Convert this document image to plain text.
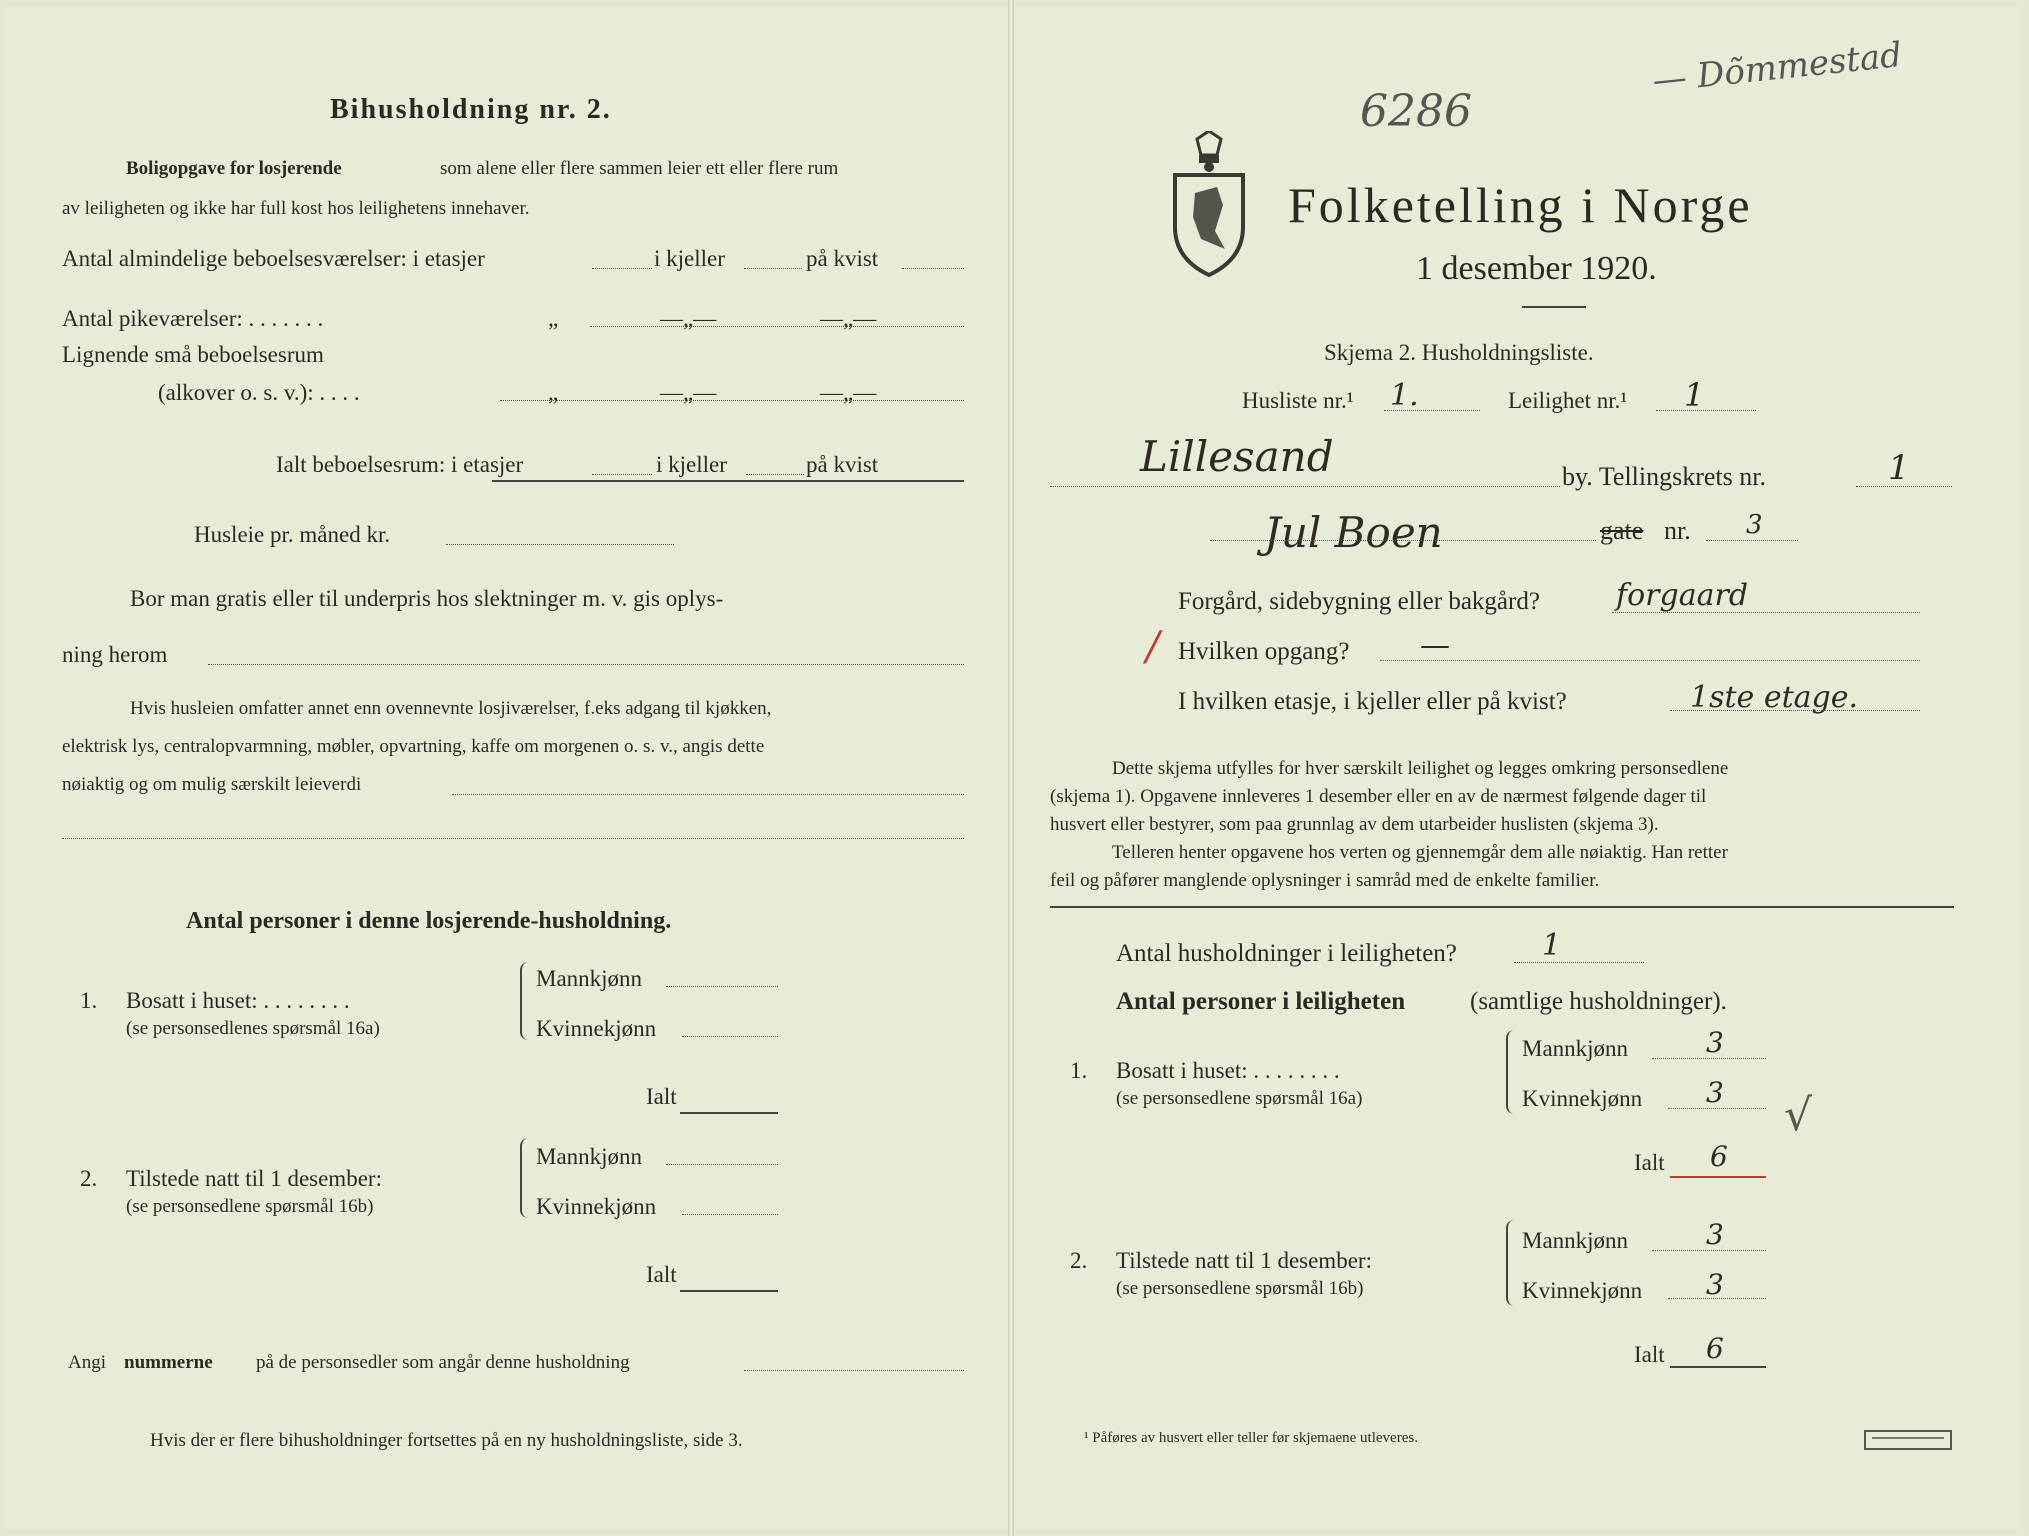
Bihusholdning nr. 2.
Boligopgave for losjerende	som alene eller flere sammen leier ett eller flere rum
av leiligheten og ikke har full kost hos leilighetens innehaver.
Antal almindelige beboelsesværelser: i etasjer	i kjeller	på kvist
Antal pikeværelser: . . . . . . .	„	—„—	—„—
Lignende små beboelsesrum
(alkover o. s. v.): . . . .	„	—„—	—„—
Ialt beboelsesrum: i etasjer	i kjeller	på kvist
Husleie pr. måned kr.
Bor man gratis eller til underpris hos slektninger m. v. gis oplys-
ning herom
Hvis husleien omfatter annet enn ovennevnte losjiværelser, f.eks adgang til kjøkken,
elektrisk lys, centralopvarmning, møbler, opvartning, kaffe om morgenen o. s. v., angis dette
nøiaktig og om mulig særskilt leieverdi
Antal personer i denne losjerende-husholdning.
1. Bosatt i huset: . . . . . . . .
(se personsedlenes spørsmål 16a)
Mannkjønn
Kvinnekjønn
Ialt
2. Tilstede natt til 1 desember:
(se personsedlene spørsmål 16b)
Mannkjønn
Kvinnekjønn
Ialt
Angi nummerne på de personsedler som angår denne husholdning
Hvis der er flere bihusholdninger fortsettes på en ny husholdningsliste, side 3.
6286
— Dõmmestad
Folketelling i Norge
1 desember 1920.
Skjema 2. Husholdningsliste.
Husliste nr.¹ 1.	Leilighet nr.¹ 1
Lillesand	by. Tellingskrets nr.	1
Jul Boen	gate nr. 3
Forgård, sidebygning eller bakgård?	forgaard
/ Hvilken opgang? —
I hvilken etasje, i kjeller eller på kvist?	1ste etage.
Dette skjema utfylles for hver særskilt leilighet og legges omkring personsedlene
(skjema 1). Opgavene innleveres 1 desember eller en av de nærmest følgende dager til
husvert eller bestyrer, som paa grunnlag av dem utarbeider huslisten (skjema 3).
Telleren henter opgavene hos verten og gjennemgår dem alle nøiaktig. Han retter
feil og påfører manglende oplysninger i samråd med de enkelte familier.
Antal husholdninger i leiligheten?	1
Antal personer i leiligheten	(samtlige husholdninger).
1. Bosatt i huset: . . . . . . . .
(se personsedlene spørsmål 16a)
Mannkjønn	3
Kvinnekjønn 3 √
Ialt 6
2. Tilstede natt til 1 desember:
(se personsedlene spørsmål 16b)
Mannkjønn	3
Kvinnekjønn 3
Ialt 6
¹ Påføres av husvert eller teller før skjemaene utleveres.
